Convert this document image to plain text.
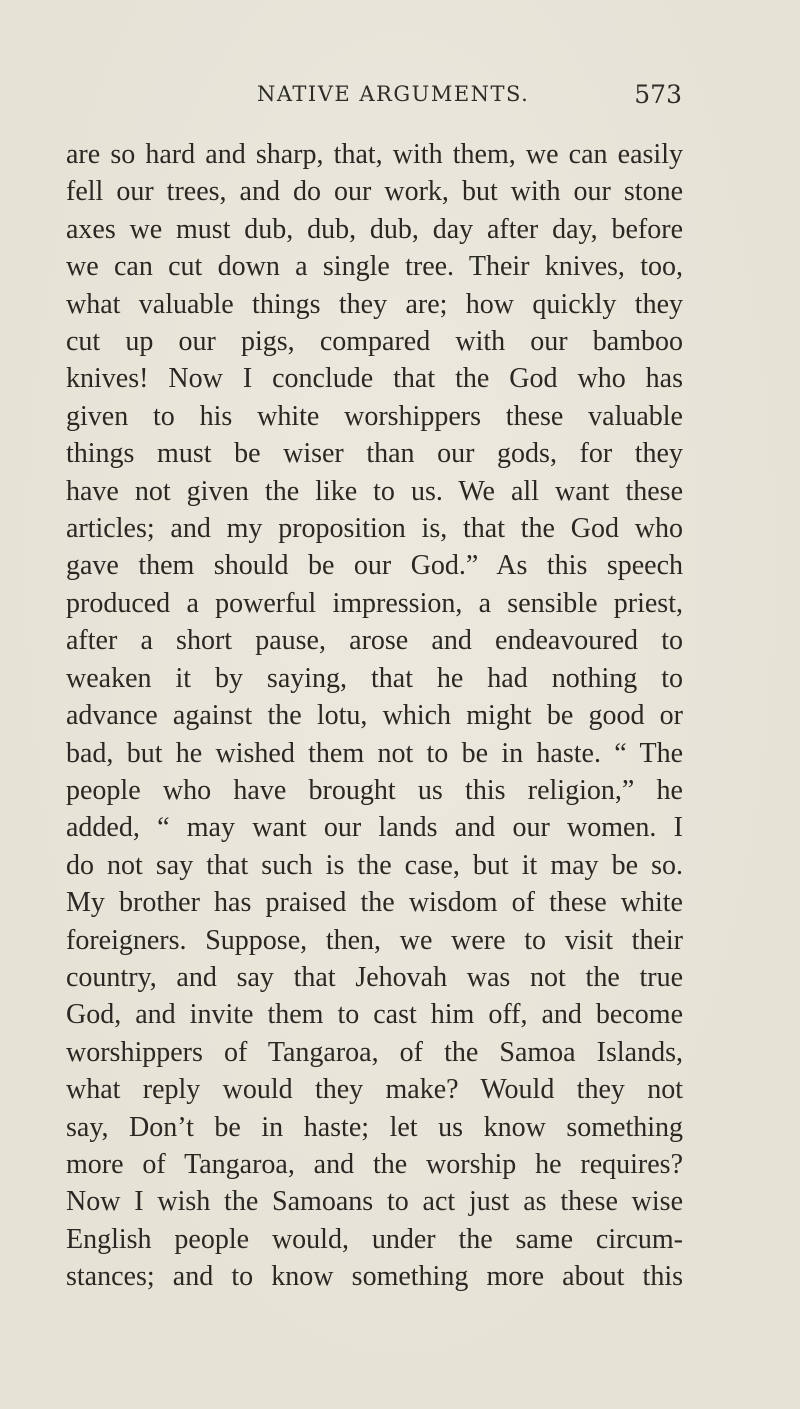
NATIVE ARGUMENTS.	573
are so hard and sharp, that, with them, we can easily
fell our trees, and do our work, but with our stone
axes we must dub, dub, dub, day after day, before
we can cut down a single tree. Their knives, too,
what valuable things they are; how quickly they
cut up our pigs, compared with our bamboo
knives! Now I conclude that the God who has
given to his white worshippers these valuable
things must be wiser than our gods, for they
have not given the like to us. We all want these
articles; and my proposition is, that the God who
gave them should be our God.” As this speech
produced a powerful impression, a sensible priest,
after a short pause, arose and endeavoured to
weaken it by saying, that he had nothing to
advance against the lotu, which might be good or
bad, but he wished them not to be in haste. “ The
people who have brought us this religion,” he
added, “ may want our lands and our women. I
do not say that such is the case, but it may be so.
My brother has praised the wisdom of these white
foreigners. Suppose, then, we were to visit their
country, and say that Jehovah was not the true
God, and invite them to cast him off, and become
worshippers of Tangaroa, of the Samoa Islands,
what reply would they make? Would they not
say, Don’t be in haste; let us know something
more of Tangaroa, and the worship he requires?
Now I wish the Samoans to act just as these wise
English people would, under the same circum-
stances; and to know something more about this
